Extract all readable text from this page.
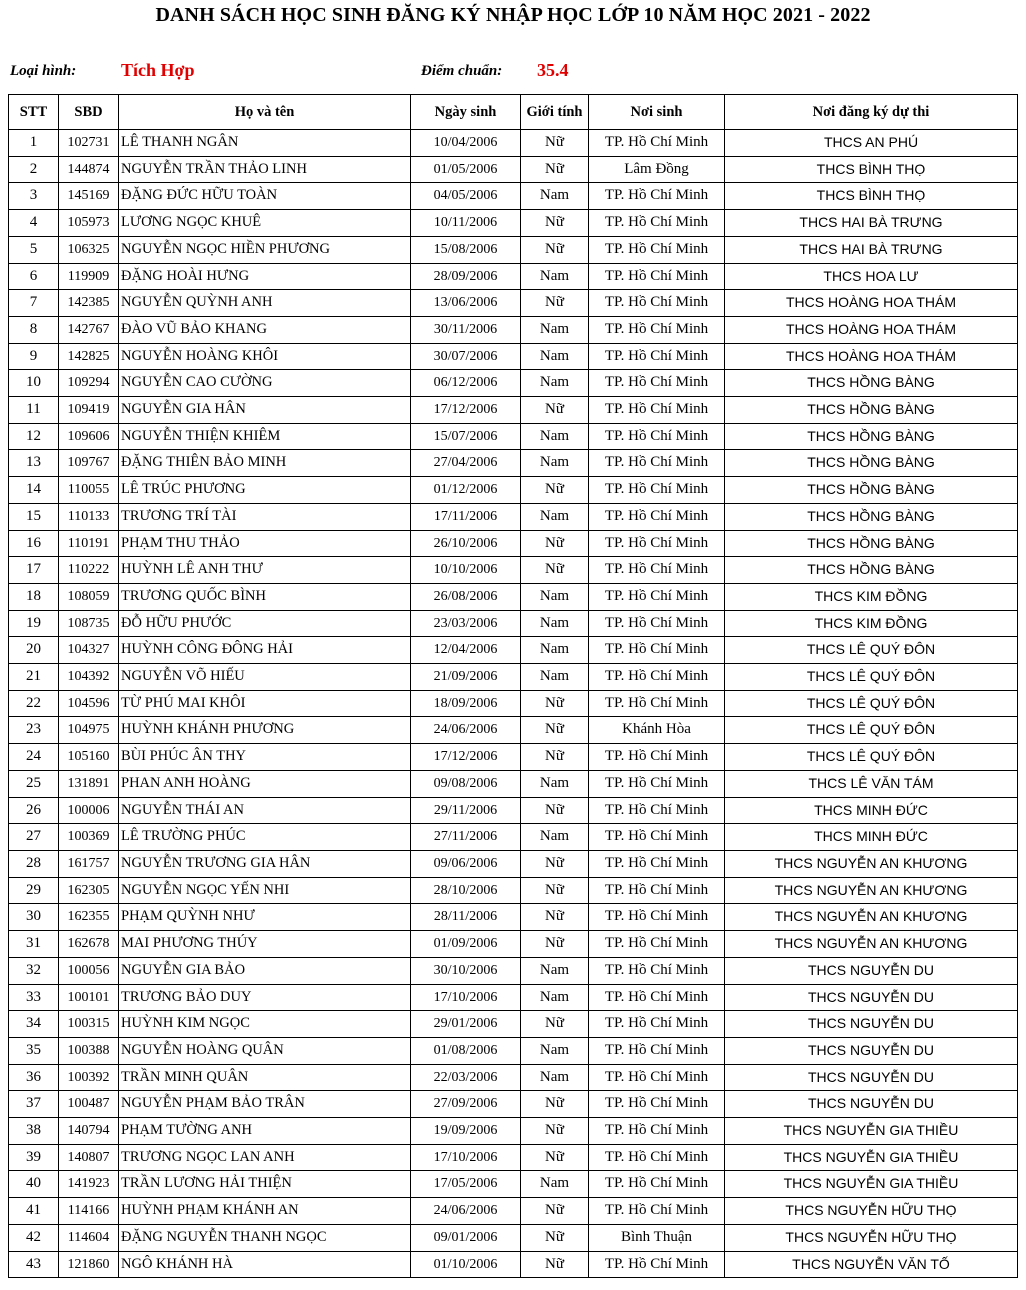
DANH SÁCH HỌC SINH ĐĂNG KÝ NHẬP HỌC LỚP 10 NĂM HỌC 2021 - 2022
Loại hình: Tích Hợp	Điểm chuẩn: 35.4
STT	SBD	Họ và tên	Ngày sinh	Giới tính	Nơi sinh	Nơi đăng ký dự thi
1	102731	LÊ THANH NGÂN	10/04/2006	Nữ	TP. Hồ Chí Minh	THCS AN PHÚ
2	144874	NGUYỄN TRẦN THẢO LINH	01/05/2006	Nữ	Lâm Đồng	THCS BÌNH THỌ
3	145169	ĐẶNG ĐỨC HỮU TOÀN	04/05/2006	Nam	TP. Hồ Chí Minh	THCS BÌNH THỌ
4	105973	LƯƠNG NGỌC KHUÊ	10/11/2006	Nữ	TP. Hồ Chí Minh	THCS HAI BÀ TRƯNG
5	106325	NGUYỄN NGỌC HIỀN PHƯƠNG	15/08/2006	Nữ	TP. Hồ Chí Minh	THCS HAI BÀ TRƯNG
6	119909	ĐẶNG HOÀI HƯNG	28/09/2006	Nam	TP. Hồ Chí Minh	THCS HOA LƯ
7	142385	NGUYỄN QUỲNH ANH	13/06/2006	Nữ	TP. Hồ Chí Minh	THCS HOÀNG HOA THÁM
8	142767	ĐÀO VŨ BẢO KHANG	30/11/2006	Nam	TP. Hồ Chí Minh	THCS HOÀNG HOA THÁM
9	142825	NGUYỄN HOÀNG KHÔI	30/07/2006	Nam	TP. Hồ Chí Minh	THCS HOÀNG HOA THÁM
10	109294	NGUYỄN CAO CƯỜNG	06/12/2006	Nam	TP. Hồ Chí Minh	THCS HỒNG BÀNG
11	109419	NGUYỄN GIA HÂN	17/12/2006	Nữ	TP. Hồ Chí Minh	THCS HỒNG BÀNG
12	109606	NGUYỄN THIỆN KHIÊM	15/07/2006	Nam	TP. Hồ Chí Minh	THCS HỒNG BÀNG
13	109767	ĐẶNG THIÊN BẢO MINH	27/04/2006	Nam	TP. Hồ Chí Minh	THCS HỒNG BÀNG
14	110055	LÊ TRÚC PHƯƠNG	01/12/2006	Nữ	TP. Hồ Chí Minh	THCS HỒNG BÀNG
15	110133	TRƯƠNG TRÍ TÀI	17/11/2006	Nam	TP. Hồ Chí Minh	THCS HỒNG BÀNG
16	110191	PHẠM THU THẢO	26/10/2006	Nữ	TP. Hồ Chí Minh	THCS HỒNG BÀNG
17	110222	HUỲNH LÊ ANH THƯ	10/10/2006	Nữ	TP. Hồ Chí Minh	THCS HỒNG BÀNG
18	108059	TRƯƠNG QUỐC BÌNH	26/08/2006	Nam	TP. Hồ Chí Minh	THCS KIM ĐỒNG
19	108735	ĐỖ HỮU PHƯỚC	23/03/2006	Nam	TP. Hồ Chí Minh	THCS KIM ĐỒNG
20	104327	HUỲNH CÔNG ĐÔNG HẢI	12/04/2006	Nam	TP. Hồ Chí Minh	THCS LÊ QUÝ ĐÔN
21	104392	NGUYỄN VÕ HIẾU	21/09/2006	Nam	TP. Hồ Chí Minh	THCS LÊ QUÝ ĐÔN
22	104596	TỪ PHÚ MAI KHÔI	18/09/2006	Nữ	TP. Hồ Chí Minh	THCS LÊ QUÝ ĐÔN
23	104975	HUỲNH KHÁNH PHƯƠNG	24/06/2006	Nữ	Khánh Hòa	THCS LÊ QUÝ ĐÔN
24	105160	BÙI PHÚC ÂN THY	17/12/2006	Nữ	TP. Hồ Chí Minh	THCS LÊ QUÝ ĐÔN
25	131891	PHAN ANH HOÀNG	09/08/2006	Nam	TP. Hồ Chí Minh	THCS LÊ VĂN TÁM
26	100006	NGUYỄN THÁI AN	29/11/2006	Nữ	TP. Hồ Chí Minh	THCS MINH ĐỨC
27	100369	LÊ TRƯỜNG PHÚC	27/11/2006	Nam	TP. Hồ Chí Minh	THCS MINH ĐỨC
28	161757	NGUYỄN TRƯƠNG GIA HÂN	09/06/2006	Nữ	TP. Hồ Chí Minh	THCS NGUYỄN AN KHƯƠNG
29	162305	NGUYỄN NGỌC YẾN NHI	28/10/2006	Nữ	TP. Hồ Chí Minh	THCS NGUYỄN AN KHƯƠNG
30	162355	PHẠM QUỲNH NHƯ	28/11/2006	Nữ	TP. Hồ Chí Minh	THCS NGUYỄN AN KHƯƠNG
31	162678	MAI PHƯƠNG THÚY	01/09/2006	Nữ	TP. Hồ Chí Minh	THCS NGUYỄN AN KHƯƠNG
32	100056	NGUYỄN GIA BẢO	30/10/2006	Nam	TP. Hồ Chí Minh	THCS NGUYỄN DU
33	100101	TRƯƠNG BẢO DUY	17/10/2006	Nam	TP. Hồ Chí Minh	THCS NGUYỄN DU
34	100315	HUỲNH KIM NGỌC	29/01/2006	Nữ	TP. Hồ Chí Minh	THCS NGUYỄN DU
35	100388	NGUYỄN HOÀNG QUÂN	01/08/2006	Nam	TP. Hồ Chí Minh	THCS NGUYỄN DU
36	100392	TRẦN MINH QUÂN	22/03/2006	Nam	TP. Hồ Chí Minh	THCS NGUYỄN DU
37	100487	NGUYỄN PHẠM BẢO TRÂN	27/09/2006	Nữ	TP. Hồ Chí Minh	THCS NGUYỄN DU
38	140794	PHẠM TƯỜNG ANH	19/09/2006	Nữ	TP. Hồ Chí Minh	THCS NGUYỄN GIA THIỀU
39	140807	TRƯƠNG NGỌC LAN ANH	17/10/2006	Nữ	TP. Hồ Chí Minh	THCS NGUYỄN GIA THIỀU
40	141923	TRẦN LƯƠNG HẢI THIỆN	17/05/2006	Nam	TP. Hồ Chí Minh	THCS NGUYỄN GIA THIỀU
41	114166	HUỲNH PHẠM KHÁNH AN	24/06/2006	Nữ	TP. Hồ Chí Minh	THCS NGUYỄN HỮU THỌ
42	114604	ĐẶNG NGUYỄN THANH NGỌC	09/01/2006	Nữ	Bình Thuận	THCS NGUYỄN HỮU THỌ
43	121860	NGÔ KHÁNH HÀ	01/10/2006	Nữ	TP. Hồ Chí Minh	THCS NGUYỄN VĂN TỐ
